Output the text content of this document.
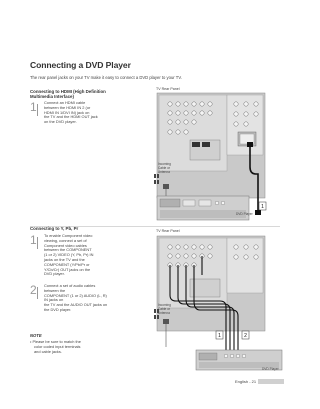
Connecting a DVD Player
The rear panel jacks on your TV make it easy to connect a DVD player to your TV.
Connecting to HDMI (High Definition
Multimedia Interface)
1 Connect an HDMI cable
between the HDMI IN 2 (or
HDMI IN 1/DVI IN) jack on
the TV and the HDMI OUT jack
on the DVD player.
TV Rear Panel
1
Incoming
Cable or
Antenna
DVD Player
Connecting to Y, Pb, Pr
1 To enable Component video
viewing, connect a set of
Component video cables
between the COMPONENT
(1 or 2) VIDEO (Y, Pb, Pr) IN
jacks on the TV and the
COMPONENT (Y/Pb/Pr or
Y/Cb/Cr) OUT jacks on the
DVD player.
2 Connect a set of audio cables
between the
COMPONENT (1 or 2) AUDIO (L, R)
IN jacks on
the TV and the AUDIO OUT jacks on
the DVD player.
TV Rear Panel
1	2
Incoming
Cable or
Antenna
DVD Player
NOTE
• Please be sure to match the
color coded input terminals
and cable jacks.
English - 21
